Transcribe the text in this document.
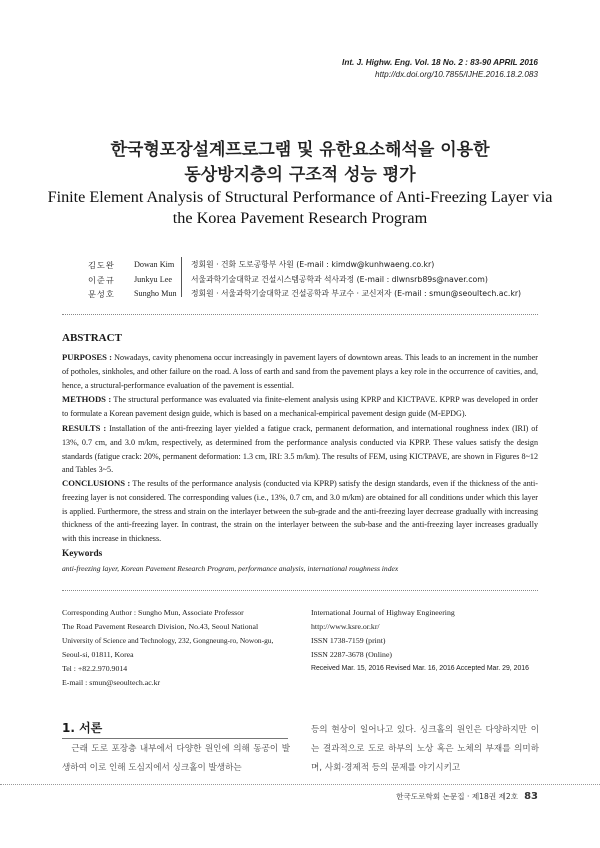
Int. J. Highw. Eng. Vol. 18 No. 2 : 83-90 APRIL 2016
http://dx.doi.org/10.7855/IJHE.2016.18.2.083
한국형포장설계프로그램 및 유한요소해석을 이용한
동상방지층의 구조적 성능 평가
Finite Element Analysis of Structural Performance of Anti-Freezing Layer via
the Korea Pavement Research Program
김도완
이준규
문성호
Dowan Kim
Junkyu Lee
Sungho Mun
정회원 · 건화 도로공항부 사원 (E-mail : kimdw@kunhwaeng.co.kr)
서울과학기술대학교 건설시스템공학과 석사과정 (E-mail : dlwnsrb89s@naver.com)
정회원 · 서울과학기술대학교 건설공학과 부교수 · 교신저자 (E-mail : smun@seoultech.ac.kr)
ABSTRACT
PURPOSES : Nowadays, cavity phenomena occur increasingly in pavement layers of downtown areas. This leads to an increment in the number of potholes, sinkholes, and other failure on the road. A loss of earth and sand from the pavement plays a key role in the occurrence of cavities, and, hence, a structural-performance evaluation of the pavement is essential.
METHODS : The structural performance was evaluated via finite-element analysis using KPRP and KICTPAVE. KPRP was developed in order to formulate a Korean pavement design guide, which is based on a mechanical-empirical pavement design guide (M-EPDG).
RESULTS : Installation of the anti-freezing layer yielded a fatigue crack, permanent deformation, and international roughness index (IRI) of 13%, 0.7 cm, and 3.0 m/km, respectively, as determined from the performance analysis conducted via KPRP. These values satisfy the design standards (fatigue crack: 20%, permanent deformation: 1.3 cm, IRI: 3.5 m/km). The results of FEM, using KICTPAVE, are shown in Figures 8~12 and Tables 3~5.
CONCLUSIONS : The results of the performance analysis (conducted via KPRP) satisfy the design standards, even if the thickness of the anti-freezing layer is not considered. The corresponding values (i.e., 13%, 0.7 cm, and 3.0 m/km) are obtained for all conditions under which this layer is applied. Furthermore, the stress and strain on the interlayer between the sub-grade and the anti-freezing layer decrease gradually with increasing thickness of the anti-freezing layer. In contrast, the strain on the interlayer between the sub-base and the anti-freezing layer increases gradually with this increase in thickness.
Keywords
anti-freezing layer, Korean Pavement Research Program, performance analysis, international roughness index
Corresponding Author : Sungho Mun, Associate Professor
The Road Pavement Research Division, No.43, Seoul National
University of Science and Technology, 232, Gongneung-ro, Nowon-gu,
Seoul-si, 01811, Korea
Tel : +82.2.970.9014
E-mail : smun@seoultech.ac.kr
International Journal of Highway Engineering
http://www.ksre.or.kr/
ISSN 1738-7159 (print)
ISSN 2287-3678 (Online)
Received Mar. 15, 2016 Revised Mar. 16, 2016 Accepted Mar. 29, 2016
1. 서론
　근래 도로 포장층 내부에서 다양한 원인에 의해 동공이 발생하여 이로 인해 도심지에서 싱크홀이 발생하는
등의 현상이 일어나고 있다. 싱크홀의 원인은 다양하지만 이는 결과적으로 도로 하부의 노상 혹은 노체의 부재를 의미하며, 사회·경제적 등의 문제를 야기시키고
한국도로학회 논문집 · 제18권 제2호 83
